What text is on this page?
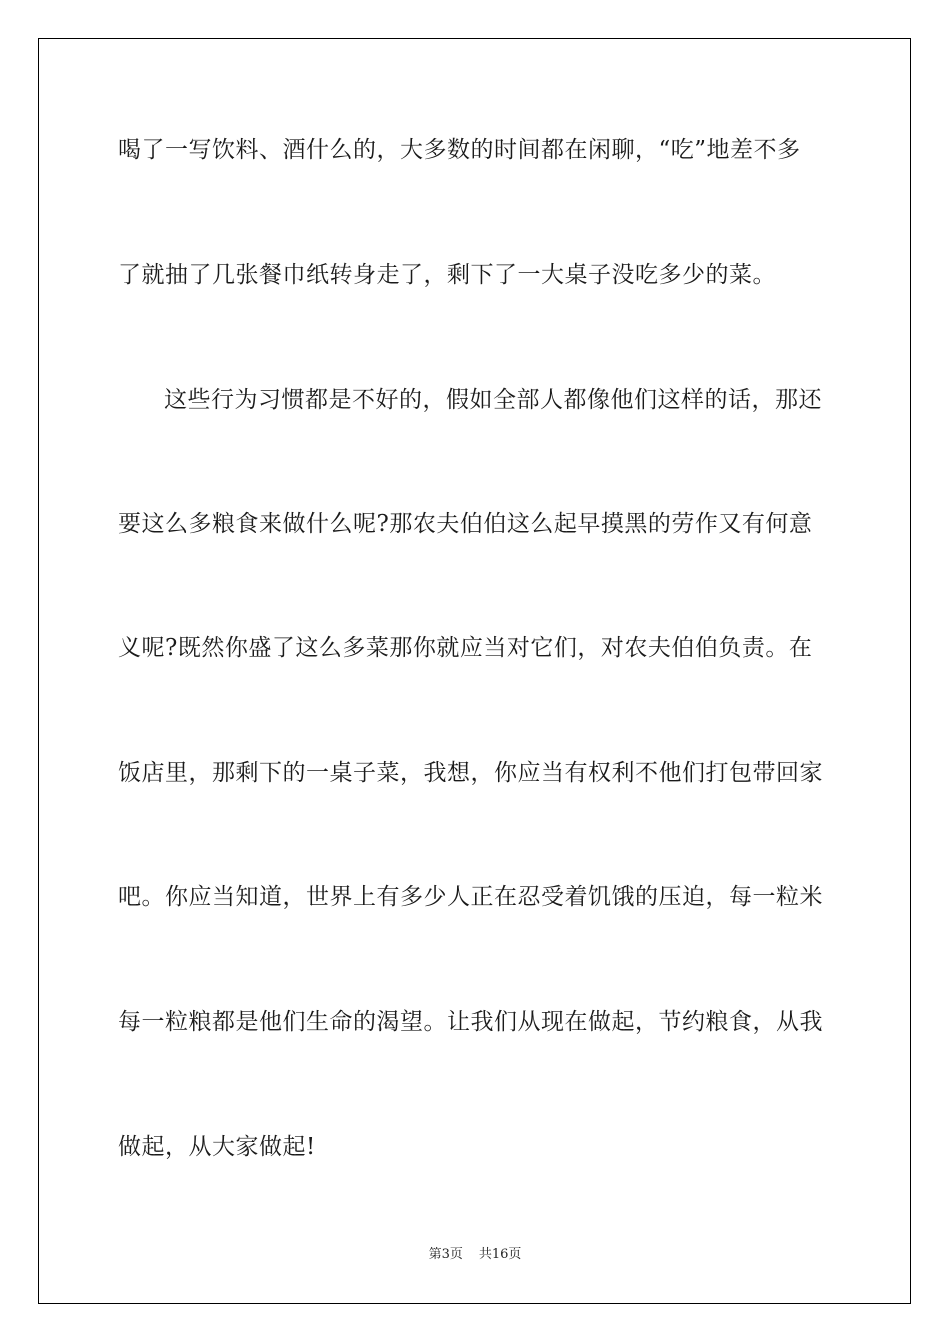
喝了一写饮料、酒什么的，大多数的时间都在闲聊，“吃”地差不多
了就抽了几张餐巾纸转身走了，剩下了一大桌子没吃多少的菜。
这些行为习惯都是不好的，假如全部人都像他们这样的话，那还
要这么多粮食来做什么呢?那农夫伯伯这么起早摸黑的劳作又有何意
义呢?既然你盛了这么多菜那你就应当对它们，对农夫伯伯负责。在
饭店里，那剩下的一桌子菜，我想，你应当有权利不他们打包带回家
吧。你应当知道，世界上有多少人正在忍受着饥饿的压迫，每一粒米
每一粒粮都是他们生命的渴望。让我们从现在做起，节约粮食，从我
做起，从大家做起!
第3页 共16页
